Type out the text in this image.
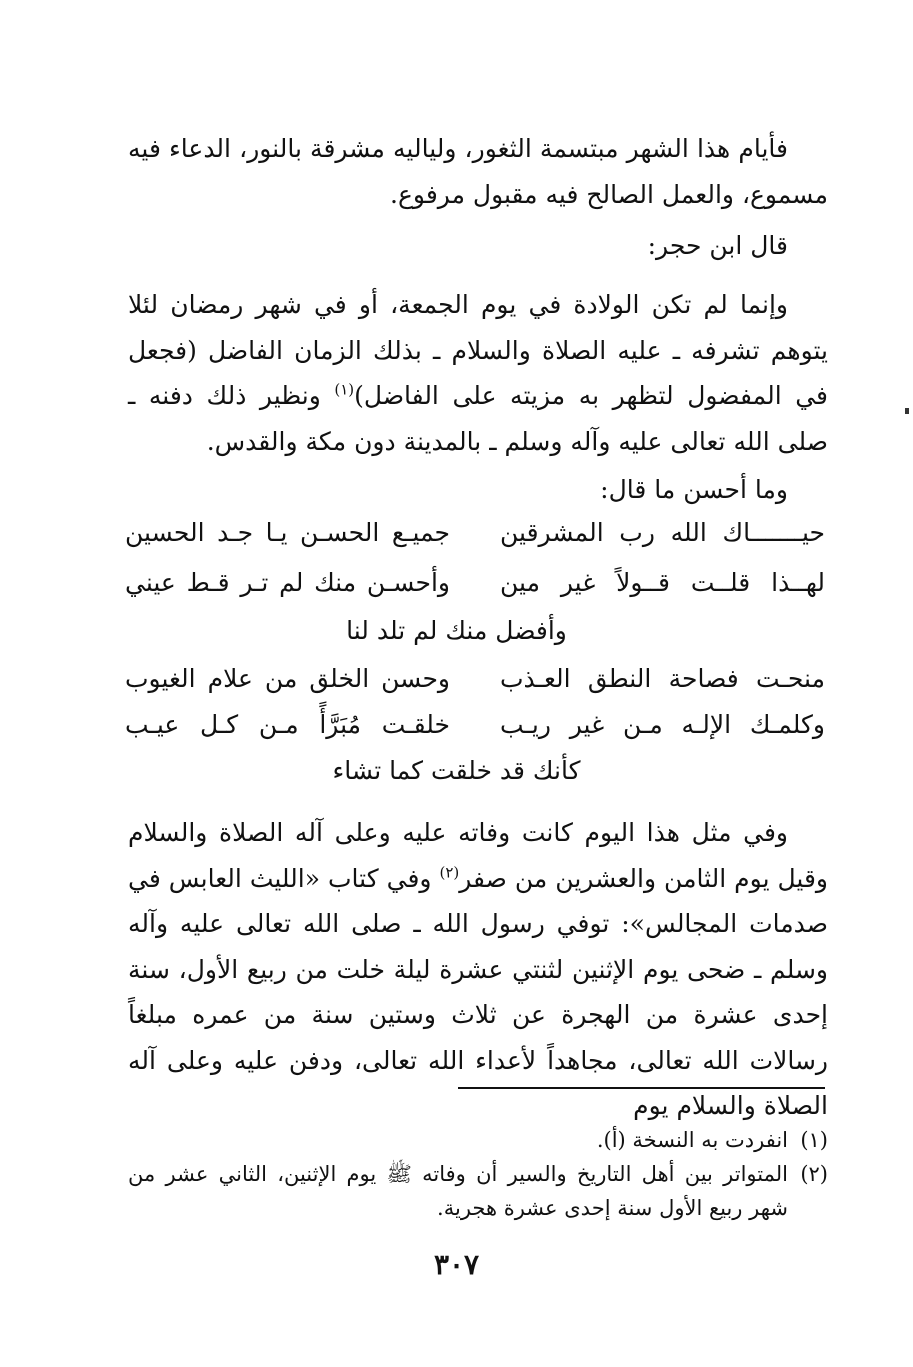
فأيام هذا الشهر مبتسمة الثغور، ولياليه مشرقة بالنور، الدعاء فيه مسموع، والعمل الصالح فيه مقبول مرفوع.

قال ابن حجر:

وإنما لم تكن الولادة في يوم الجمعة، أو في شهر رمضان لئلا يتوهم تشرفه ـ عليه الصلاة والسلام ـ بذلك الزمان الفاضل (فجعل في المفضول لتظهر به مزيته على الفاضل)$^{(١)}$ ونظير ذلك دفنه ـ صلى الله تعالى عليه وآله وسلم ـ بالمدينة دون مكة والقدس.

وما أحسن ما قال:

حيـــــــاك الله رب المشرقين
جميـع الحسـن يـا جـد الحسين
لهــذا قلــت قــولاً غير مين
وأحسـن منك لم تـر قـط عيني
منحـت فصاحة النطق العـذب
وحسن الخلق من علام الغيوب
وكلمـك الإلـه مـن غير ريـب
خلقـت مُبَرَّأً مـن كـل عيـب
وأفضل منك لم تلد لنا
كأنك قد خلقت كما تشاء

وفي مثل هذا اليوم كانت وفاته عليه وعلى آله الصلاة والسلام وقيل يوم الثامن والعشرين من صفر$^{(٢)}$ وفي كتاب «الليث العابس في صدمات المجالس»: توفي رسول الله ـ صلى الله تعالى عليه وآله وسلم ـ ضحى يوم الإثنين لثنتي عشرة ليلة خلت من ربيع الأول، سنة إحدى عشرة من الهجرة عن ثلاث وستين سنة من عمره مبلغاً رسالات الله تعالى، مجاهداً لأعداء الله تعالى، ودفن عليه وعلى آله الصلاة والسلام يوم

(١)
انفردت به النسخة (أ).
(٢)
المتواتر بين أهل التاريخ والسير أن وفاته ﷺ يوم الإثنين، الثاني عشر من شهر ربيع الأول سنة إحدى عشرة هجرية.
٣٠٧
